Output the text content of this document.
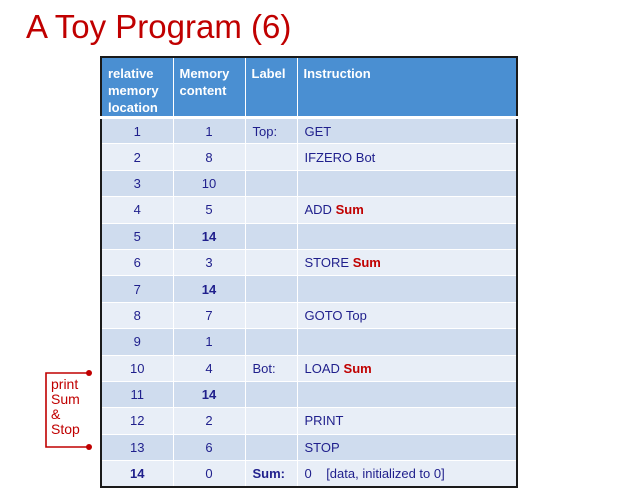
A Toy Program (6)
relative memory location	Memory content	Label	Instruction
1	1	Top:	GET
2	8		IFZERO Bot
3	10		
4	5		ADD Sum
5	14		
6	3		STORE Sum
7	14		
8	7		GOTO Top
9	1		
10	4	Bot:	LOAD Sum
11	14		
12	2		PRINT
13	6		STOP
14	0	Sum:	0 [data, initialized to 0]
print
Sum
&
Stop
